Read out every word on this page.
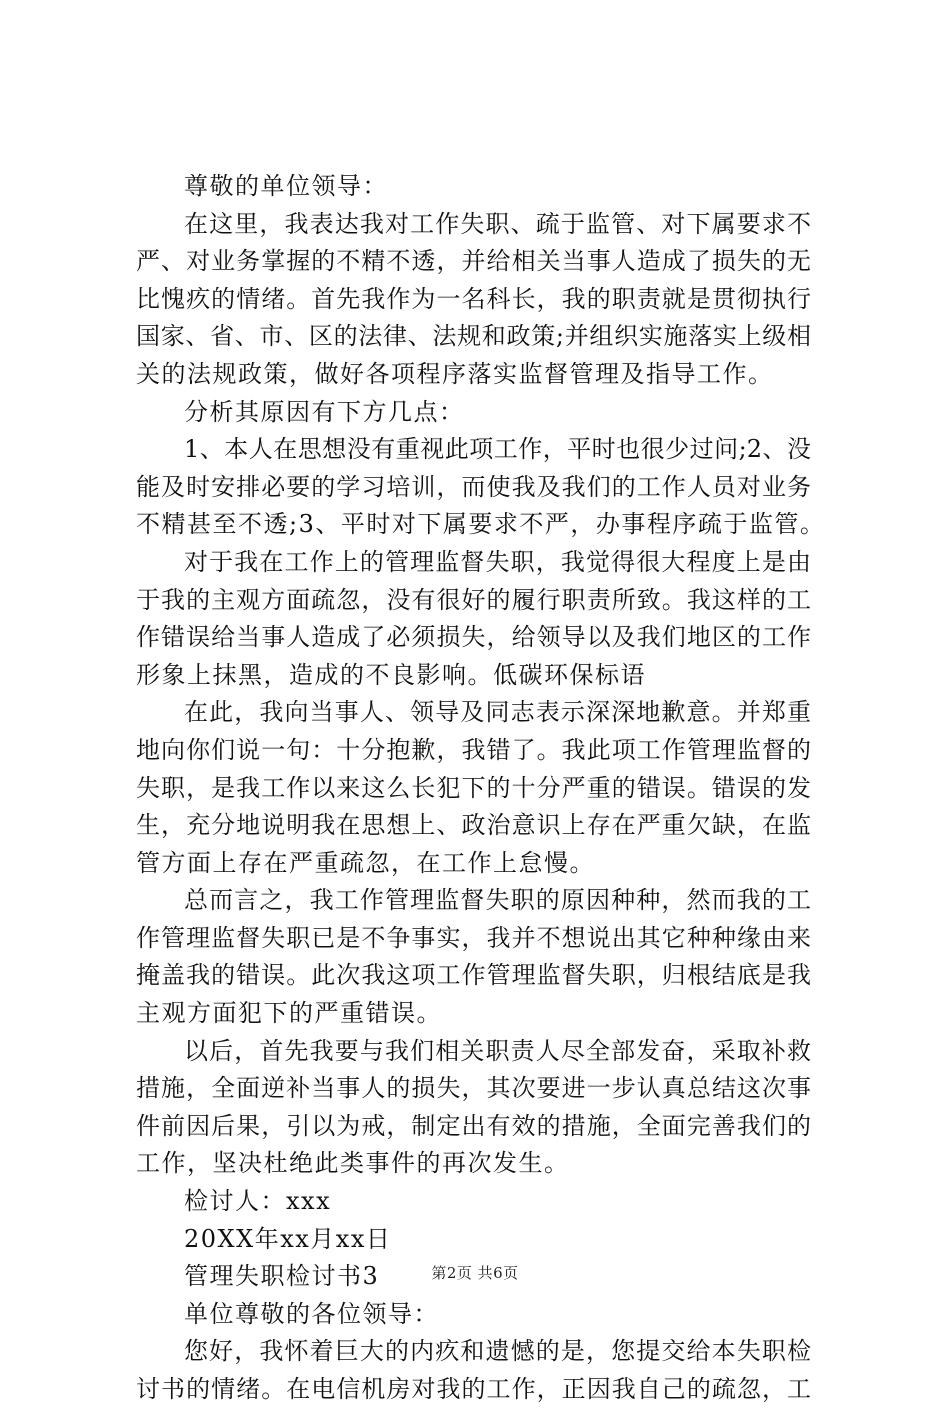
尊敬的单位领导：
在这里，我表达我对工作失职、疏于监管、对下属要求不
严、对业务掌握的不精不透，并给相关当事人造成了损失的无
比愧疚的情绪。首先我作为一名科长，我的职责就是贯彻执行
国家、省、市、区的法律、法规和政策;并组织实施落实上级相
关的法规政策，做好各项程序落实监督管理及指导工作。
分析其原因有下方几点：
1、本人在思想没有重视此项工作，平时也很少过问;2、没
能及时安排必要的学习培训，而使我及我们的工作人员对业务
不精甚至不透;3、平时对下属要求不严，办事程序疏于监管。
对于我在工作上的管理监督失职，我觉得很大程度上是由
于我的主观方面疏忽，没有很好的履行职责所致。我这样的工
作错误给当事人造成了必须损失，给领导以及我们地区的工作
形象上抹黑，造成的不良影响。低碳环保标语
在此，我向当事人、领导及同志表示深深地歉意。并郑重
地向你们说一句：十分抱歉，我错了。我此项工作管理监督的
失职，是我工作以来这么长犯下的十分严重的错误。错误的发
生，充分地说明我在思想上、政治意识上存在严重欠缺，在监
管方面上存在严重疏忽，在工作上怠慢。
总而言之，我工作管理监督失职的原因种种，然而我的工
作管理监督失职已是不争事实，我并不想说出其它种种缘由来
掩盖我的错误。此次我这项工作管理监督失职，归根结底是我
主观方面犯下的严重错误。
以后，首先我要与我们相关职责人尽全部发奋，采取补救
措施，全面逆补当事人的损失，其次要进一步认真总结这次事
件前因后果，引以为戒，制定出有效的措施，全面完善我们的
工作，坚决杜绝此类事件的再次发生。
检讨人：xxx
20XX年xx月xx日
管理失职检讨书3
单位尊敬的各位领导：
您好，我怀着巨大的内疚和遗憾的是，您提交给本失职检
讨书的情绪。在电信机房对我的工作，正因我自己的疏忽，工
第2页 共6页
